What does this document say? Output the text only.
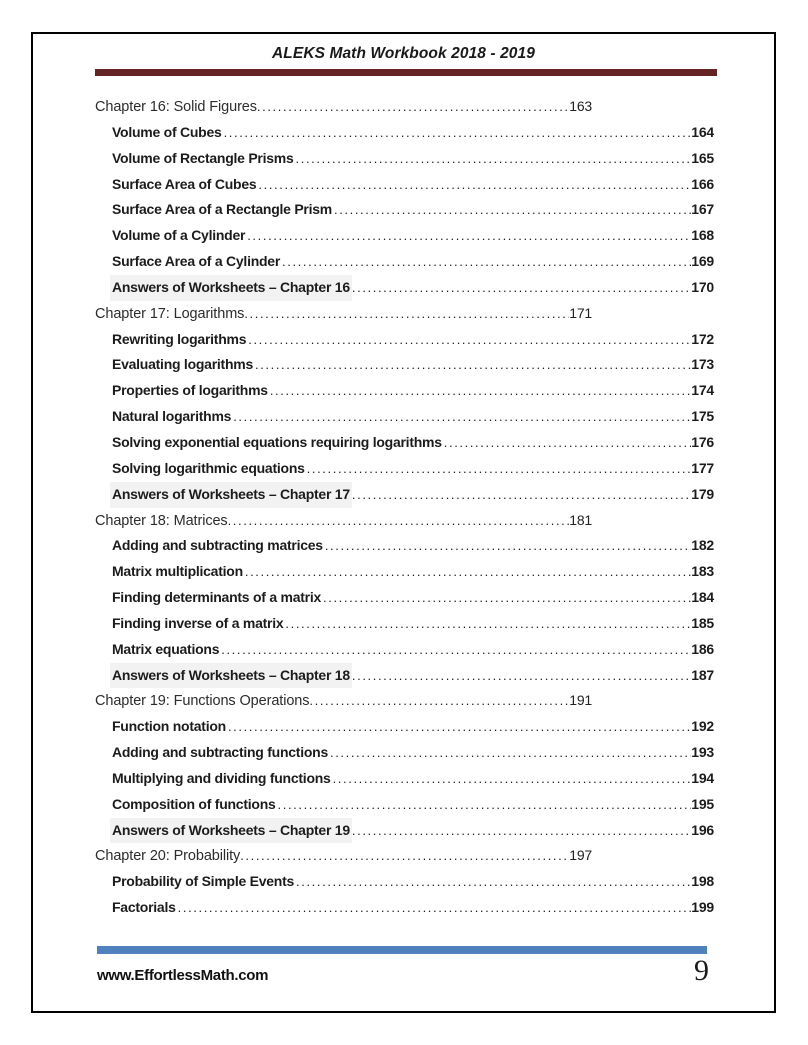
ALEKS Math Workbook 2018 - 2019
Chapter 16: Solid Figures .....	163
Volume of Cubes .....	164
Volume of Rectangle Prisms .....	165
Surface Area of Cubes .....	166
Surface Area of a Rectangle Prism .....	167
Volume of a Cylinder .....	168
Surface Area of a Cylinder .....	169
Answers of Worksheets – Chapter 16 .....	170
Chapter 17: Logarithms .....	171
Rewriting logarithms .....	172
Evaluating logarithms .....	173
Properties of logarithms .....	174
Natural logarithms .....	175
Solving exponential equations requiring logarithms .....	176
Solving logarithmic equations .....	177
Answers of Worksheets – Chapter 17 .....	179
Chapter 18: Matrices .....	181
Adding and subtracting matrices .....	182
Matrix multiplication .....	183
Finding determinants of a matrix .....	184
Finding inverse of a matrix .....	185
Matrix equations .....	186
Answers of Worksheets – Chapter 18 .....	187
Chapter 19: Functions Operations .....	191
Function notation .....	192
Adding and subtracting functions .....	193
Multiplying and dividing functions .....	194
Composition of functions .....	195
Answers of Worksheets – Chapter 19 .....	196
Chapter 20: Probability .....	197
Probability of Simple Events .....	198
Factorials .....	199
www.EffortlessMath.com	9
